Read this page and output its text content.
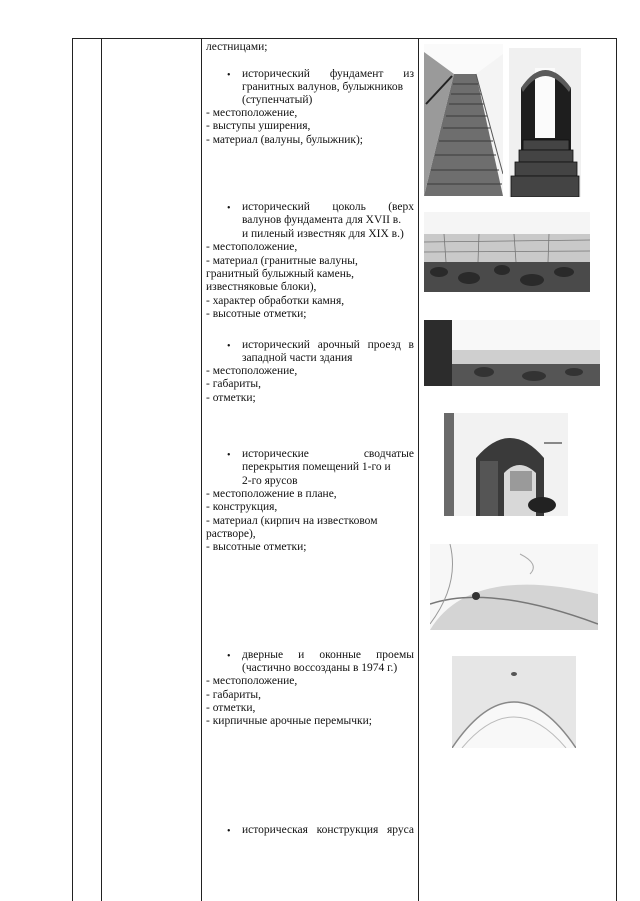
лестницами;
• исторический фундамент из
гранитных валунов, булыжников
(ступенчатый)
- местоположение,
- выступы уширения,
- материал (валуны, булыжник);
• исторический цоколь (верх
валунов фундамента для XVII в.
и пиленый известняк для XIX в.)
- местоположение,
- материал (гранитные валуны,
гранитный булыжный камень,
известняковые блоки),
- характер обработки камня,
- высотные отметки;
• исторический арочный проезд в
западной части здания
- местоположение,
- габариты,
- отметки;
• исторические сводчатые
перекрытия помещений 1-го и
2-го ярусов
- местоположение в плане,
- конструкция,
- материал (кирпич на известковом
растворе),
- высотные отметки;
• дверные и оконные проемы
(частично воссозданы в 1974 г.)
- местоположение,
- габариты,
- отметки,
- кирпичные арочные перемычки;
• историческая конструкция яруса
